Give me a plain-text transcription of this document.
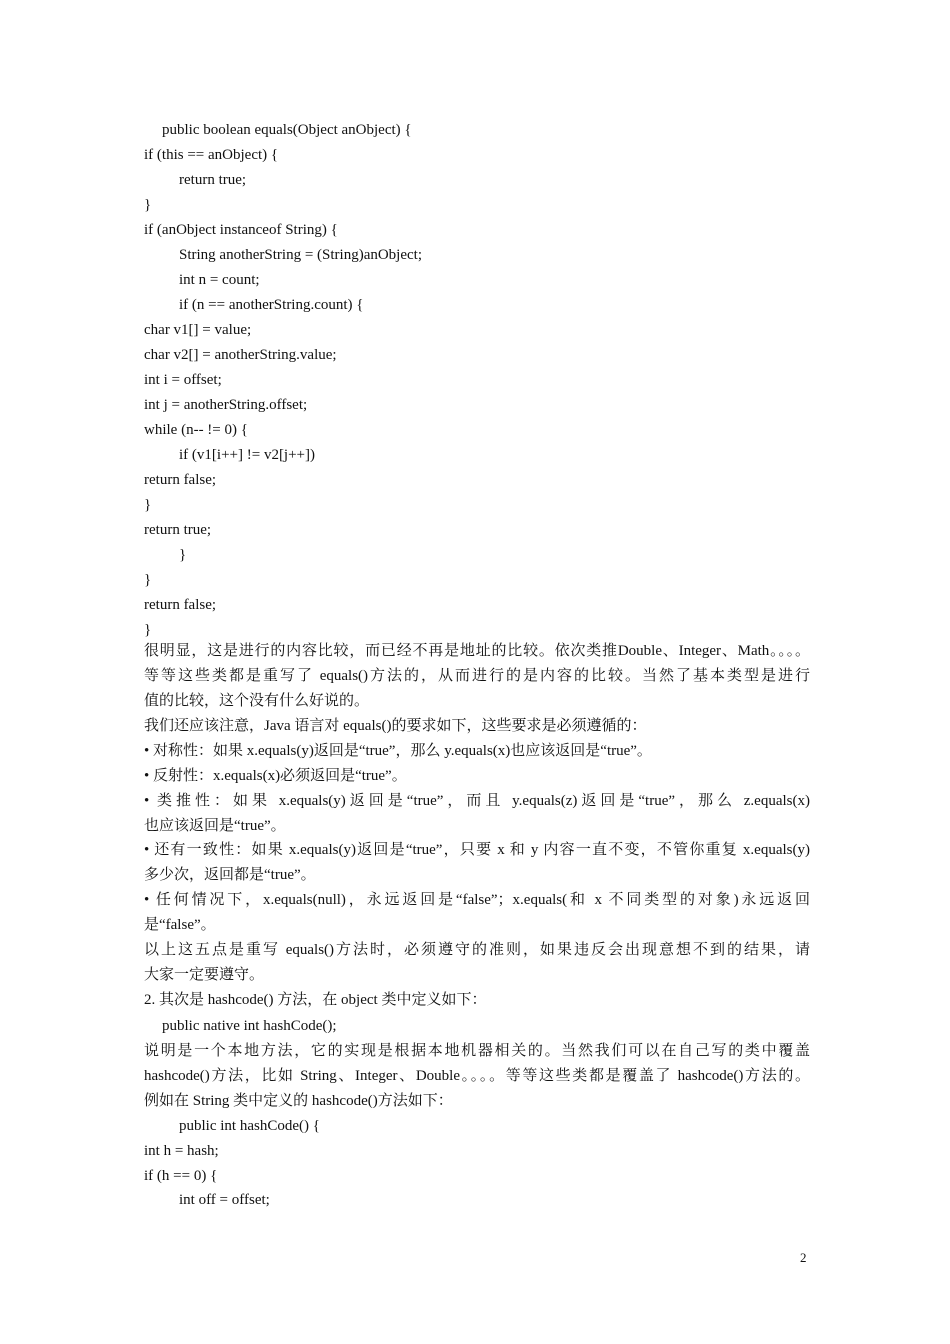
public boolean equals(Object anObject) {
if (this == anObject) {
return true;
}
if (anObject instanceof String) {
String anotherString = (String)anObject;
int n = count;
if (n == anotherString.count) {
char v1[] = value;
char v2[] = anotherString.value;
int i = offset;
int j = anotherString.offset;
while (n-- != 0) {
if (v1[i++] != v2[j++])
return false;
}
return true;
}
}
return false;
}
很明显，这是进行的内容比较，而已经不再是地址的比较。依次类推Double、Integer、Math。。。。
等等这些类都是重写了 equals()方法的，从而进行的是内容的比较。当然了基本类型是进行
值的比较，这个没有什么好说的。
我们还应该注意，Java 语言对 equals()的要求如下，这些要求是必须遵循的：
• 对称性：如果 x.equals(y)返回是“true”，那么 y.equals(x)也应该返回是“true”。
• 反射性：x.equals(x)必须返回是“true”。
• 类推性：如果 x.equals(y)返回是“true”，而且 y.equals(z)返回是“true”，那么 z.equals(x)
也应该返回是“true”。
• 还有一致性：如果 x.equals(y)返回是“true”，只要 x 和 y 内容一直不变，不管你重复 x.equals(y)
多少次，返回都是“true”。
• 任何情况下，x.equals(null)，永远返回是“false”；x.equals(和 x 不同类型的对象)永远返回
是“false”。
以上这五点是重写 equals()方法时，必须遵守的准则，如果违反会出现意想不到的结果，请
大家一定要遵守。
2. 其次是 hashcode() 方法，在 object 类中定义如下：
public native int hashCode();
说明是一个本地方法，它的实现是根据本地机器相关的。当然我们可以在自己写的类中覆盖
hashcode()方法，比如 String、Integer、Double。。。。等等这些类都是覆盖了 hashcode()方法的。
例如在 String 类中定义的 hashcode()方法如下：
public int hashCode() {
int h = hash;
if (h == 0) {
int off = offset;
2
